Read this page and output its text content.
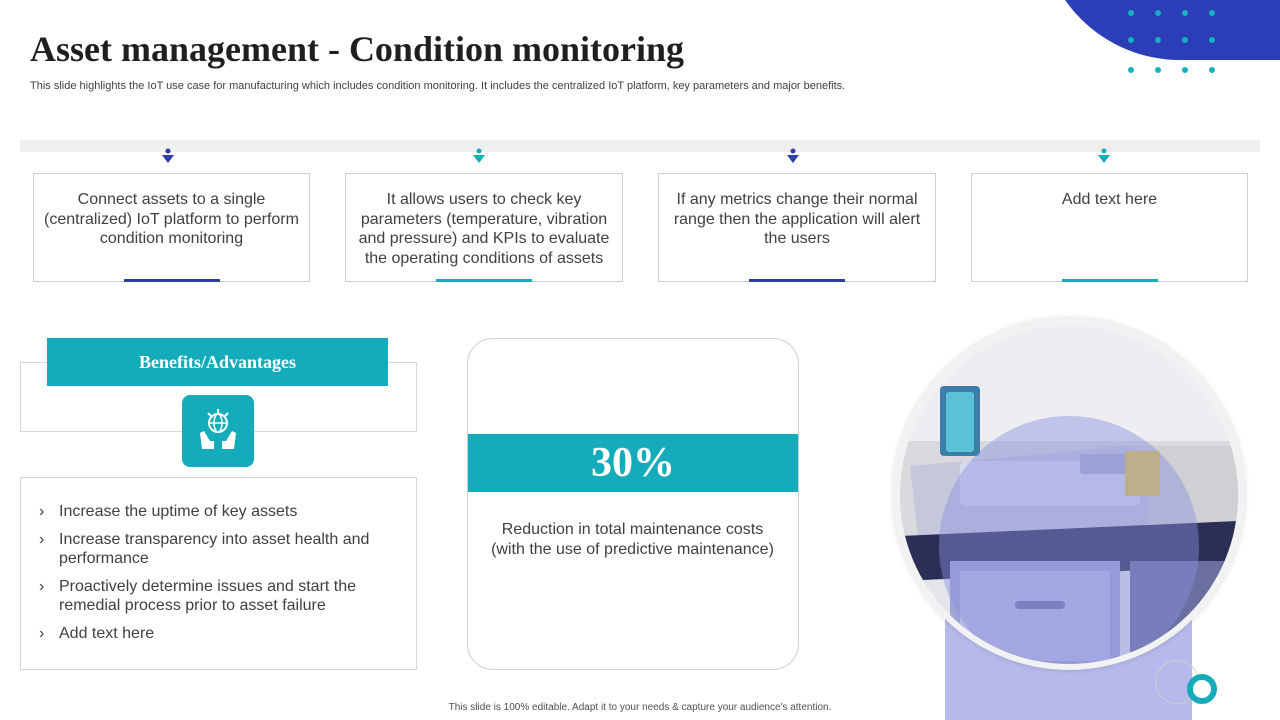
Asset management - Condition monitoring

This slide highlights the IoT use case for manufacturing which includes condition monitoring. It includes the centralized IoT platform, key parameters and major benefits.

Connect assets to a single (centralized) IoT platform to perform condition monitoring
It allows users to check key parameters (temperature, vibration and pressure) and KPIs to evaluate the operating conditions of assets
If any metrics change their normal range then the application will alert the users
Add text here
Benefits/Advantages
› Increase the uptime of key assets
› Increase transparency into asset health and performance
› Proactively determine issues and start the remedial process prior to asset failure
› Add text here
30%
Reduction in total maintenance costs (with the use of predictive maintenance)
This slide is 100% editable. Adapt it to your needs & capture your audience's attention.
